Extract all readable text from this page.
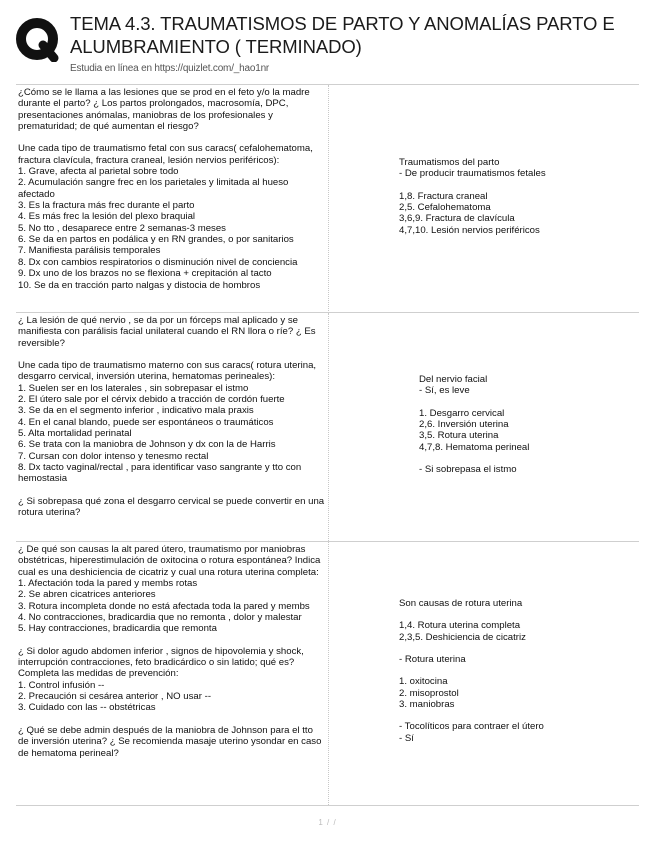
TEMA 4.3. TRAUMATISMOS DE PARTO Y ANOMALÍAS PARTO E ALUMBRAMIENTO ( TERMINADO)
Estudia en línea en https://quizlet.com/_hao1nr

¿Cómo se le llama a las lesiones que se prod en el feto y/o la madre durante el parto? ¿ Los partos prolongados, macrosomía, DPC, presentaciones anómalas, maniobras de los profesionales y prematuridad; de qué aumentan el riesgo?

Une cada tipo de traumatismo fetal con sus caracs( cefalohematoma, fractura clavícula, fractura craneal, lesión nervios periféricos):

1. Grave, afecta al parietal sobre todo

2. Acumulación sangre frec en los parietales y limitada al hueso afectado

3. Es la fractura más frec durante el parto

4. Es más frec la lesión del plexo braquial

5. No tto , desaparece entre 2 semanas-3 meses

6. Se da en partos en podálica y en RN grandes, o por sanitarios

7. Manifiesta parálisis temporales

8. Dx con cambios respiratorios o disminución nivel de conciencia

9. Dx uno de los brazos no se flexiona + crepitación al tacto

10. Se da en tracción parto nalgas y distocia de hombros

Traumatismos del parto

- De producir traumatismos fetales

1,8. Fractura craneal

2,5. Cefalohematoma

3,6,9. Fractura de clavícula

4,7,10. Lesión nervios periféricos

¿ La lesión de qué nervio , se da por un fórceps mal aplicado y se manifiesta con parálisis facial unilateral cuando el RN llora o ríe? ¿ Es reversible?

Une cada tipo de traumatismo materno con sus caracs( rotura uterina, desgarro cervical, inversión uterina, hematomas perineales):

1. Suelen ser en los laterales , sin sobrepasar el istmo

2. El útero sale por el cérvix debido a tracción de cordón fuerte

3. Se da en el segmento inferior , indicativo mala praxis

4. En el canal blando, puede ser espontáneos o traumáticos

5. Alta mortalidad perinatal

6. Se trata con la maniobra de Johnson y dx con la de Harris

7. Cursan con dolor intenso y tenesmo rectal

8. Dx tacto vaginal/rectal , para identificar vaso sangrante y tto con hemostasia

¿ Si sobrepasa qué zona el desgarro cervical se puede convertir en una rotura uterina?

Del nervio facial

- Sí, es leve

1. Desgarro cervical

2,6. Inversión uterina

3,5. Rotura uterina

4,7,8. Hematoma perineal

- Si sobrepasa el istmo

¿ De qué son causas la alt pared útero, traumatismo por maniobras obstétricas, hiperestimulación de oxitocina o rotura espontánea? Indica cual es una deshiciencia de cicatriz y cual una rotura uterina completa:

1. Afectación toda la pared y membs rotas

2. Se abren cicatrices anteriores

3. Rotura incompleta donde no está afectada toda la pared y membs

4. No contracciones, bradicardia que no remonta , dolor y malestar

5. Hay contracciones, bradicardia que remonta

¿ Si dolor agudo abdomen inferior , signos de hipovolemia y shock, interrupción contracciones, feto bradicárdico o sin latido; qué es? Completa las medidas de prevención:

1. Control infusión --

2. Precaución si cesárea anterior , NO usar --

3. Cuidado con las -- obstétricas

¿ Qué se debe admin después de la maniobra de Johnson para el tto de inversión uterina? ¿ Se recomienda masaje uterino ysondar en caso de hematoma perineal?

Son causas de rotura uterina

1,4. Rotura uterina completa

2,3,5. Deshiciencia de cicatriz

- Rotura uterina

1. oxitocina

2. misoprostol

3. maniobras

- Tocolíticos para contraer el útero

- Sí

1 / /
